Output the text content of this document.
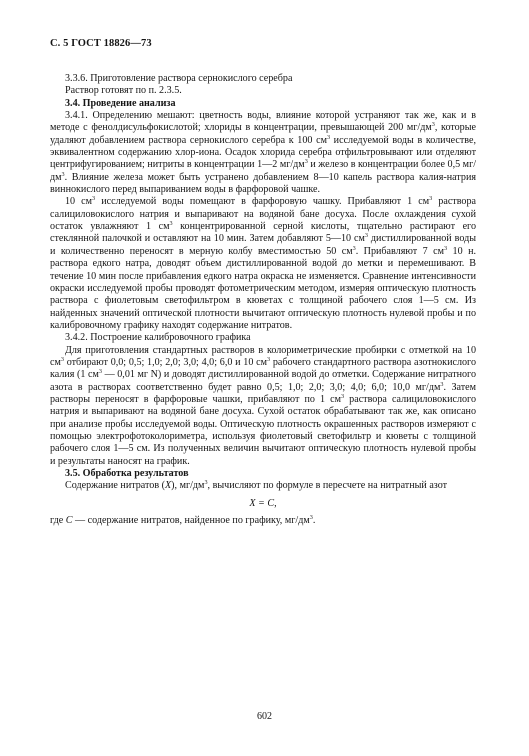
С. 5 ГОСТ 18826—73

3.3.6. Приготовление раствора сернокислого серебра

Раствор готовят по п. 2.3.5.

3.4. Проведение анализа

3.4.1. Определению мешают: цветность воды, влияние которой устраняют так же, как и в методе с фенолдисульфокислотой; хлориды в концентрации, превышающей 200 $мг/дм^3$, которые удаляют добавлением раствора сернокислого серебра к 100 $см^3$ исследуемой воды в количестве, эквивалентном содержанию хлор-иона. Осадок хлорида серебра отфильтровывают или отделяют центрифугированием; нитриты в концентрации 1—2 $мг/дм^3$ и железо в концентрации более 0,5 $мг/дм^3$. Влияние железа может быть устранено добавлением 8—10 капель раствора калия-натрия виннокислого перед выпариванием воды в фарфоровой чашке.

10 $см^3$ исследуемой воды помещают в фарфоровую чашку. Прибавляют 1 $см^3$ раствора салициловокислого натрия и выпаривают на водяной бане досуха. После охлаждения сухой остаток увлажняют 1 $см^3$ концентрированной серной кислоты, тщательно растирают его стеклянной палочкой и оставляют на 10 мин. Затем добавляют 5—10 $см^3$ дистиллированной воды и количественно переносят в мерную колбу вместимостью 50 $см^3$. Прибавляют 7 $см^3$ 10 н. раствора едкого натра, доводят объем дистиллированной водой до метки и перемешивают. В течение 10 мин после прибавления едкого натра окраска не изменяется. Сравнение интенсивности окраски исследуемой пробы проводят фотометрическим методом, измеряя оптическую плотность раствора с фиолетовым светофильтром в кюветах с толщиной рабочего слоя 1—5 см. Из найденных значений оптической плотности вычитают оптическую плотность нулевой пробы и по калибровочному графику находят содержание нитратов.

3.4.2. Построение калибровочного графика

Для приготовления стандартных растворов в колориметрические пробирки с отметкой на 10 $см^3$ отбирают 0,0; 0,5; 1,0; 2,0; 3,0; 4,0; 6,0 и 10 $см^3$ рабочего стандартного раствора азотнокислого калия (1 $см^3$ — 0,01 мг N) и доводят дистиллированной водой до отметки. Содержание нитратного азота в растворах соответственно будет равно 0,5; 1,0; 2,0; 3,0; 4,0; 6,0; 10,0 $мг/дм^3$. Затем растворы переносят в фарфоровые чашки, прибавляют по 1 $см^3$ раствора салициловокислого натрия и выпаривают на водяной бане досуха. Сухой остаток обрабатывают так же, как описано при анализе пробы исследуемой воды. Оптическую плотность окрашенных растворов измеряют с помощью электрофотоколориметра, используя фиолетовый светофильтр и кюветы с толщиной рабочего слоя 1—5 см. Из полученных величин вычитают оптическую плотность нулевой пробы и результаты наносят на график.

3.5. Обработка результатов

Содержание нитратов (X), $мг/дм^3$, вычисляют по формуле в пересчете на нитратный азот

X = C,

где C — содержание нитратов, найденное по графику, $мг/дм^3$.

602
